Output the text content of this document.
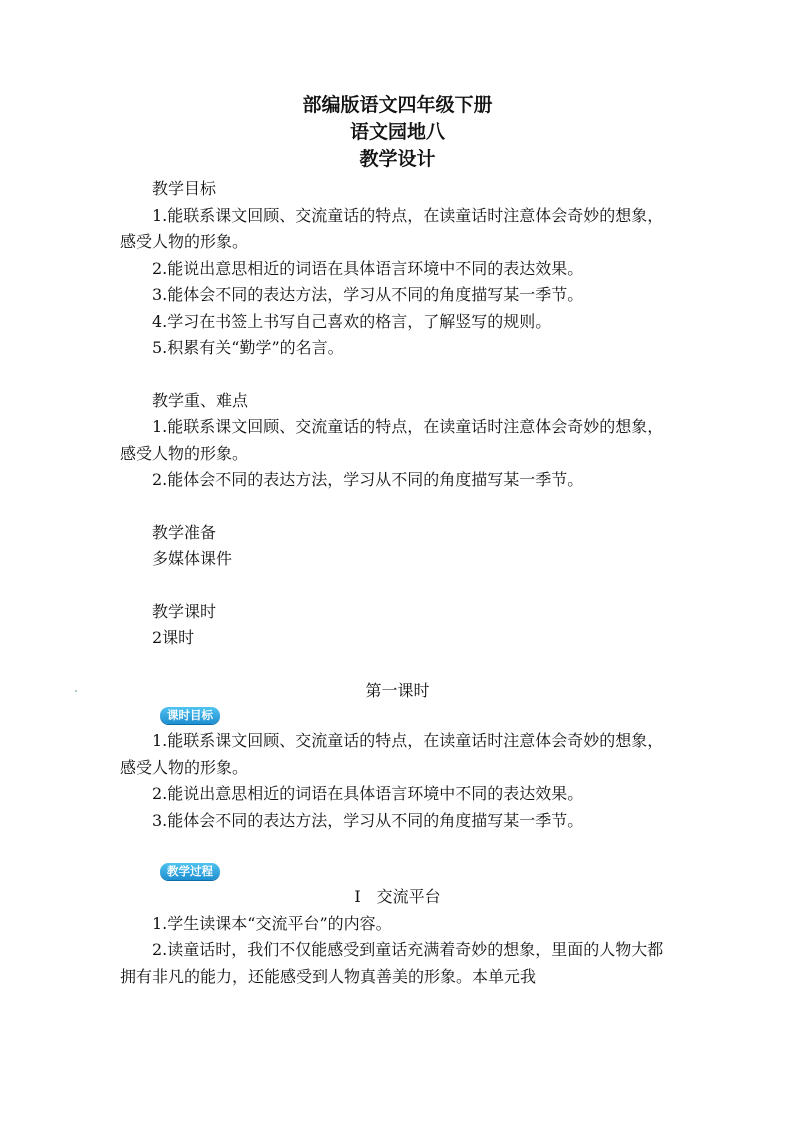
部编版语文四年级下册

语文园地八

教学设计

教学目标

1.能联系课文回顾、交流童话的特点，在读童话时注意体会奇妙的想象，感受人物的形象。

2.能说出意思相近的词语在具体语言环境中不同的表达效果。

3.能体会不同的表达方法，学习从不同的角度描写某一季节。

4.学习在书签上书写自己喜欢的格言，了解竖写的规则。

5.积累有关“勤学”的名言。

教学重、难点

1.能联系课文回顾、交流童话的特点，在读童话时注意体会奇妙的想象，感受人物的形象。

2.能体会不同的表达方法，学习从不同的角度描写某一季节。

教学准备

多媒体课件

教学课时

2课时

第一课时

课时目标

1.能联系课文回顾、交流童话的特点，在读童话时注意体会奇妙的想象，感受人物的形象。

2.能说出意思相近的词语在具体语言环境中不同的表达效果。

3.能体会不同的表达方法，学习从不同的角度描写某一季节。

教学过程

Ⅰ　交流平台

1.学生读课本“交流平台”的内容。

2.读童话时，我们不仅能感受到童话充满着奇妙的想象，里面的人物大都拥有非凡的能力，还能感受到人物真善美的形象。本单元我
